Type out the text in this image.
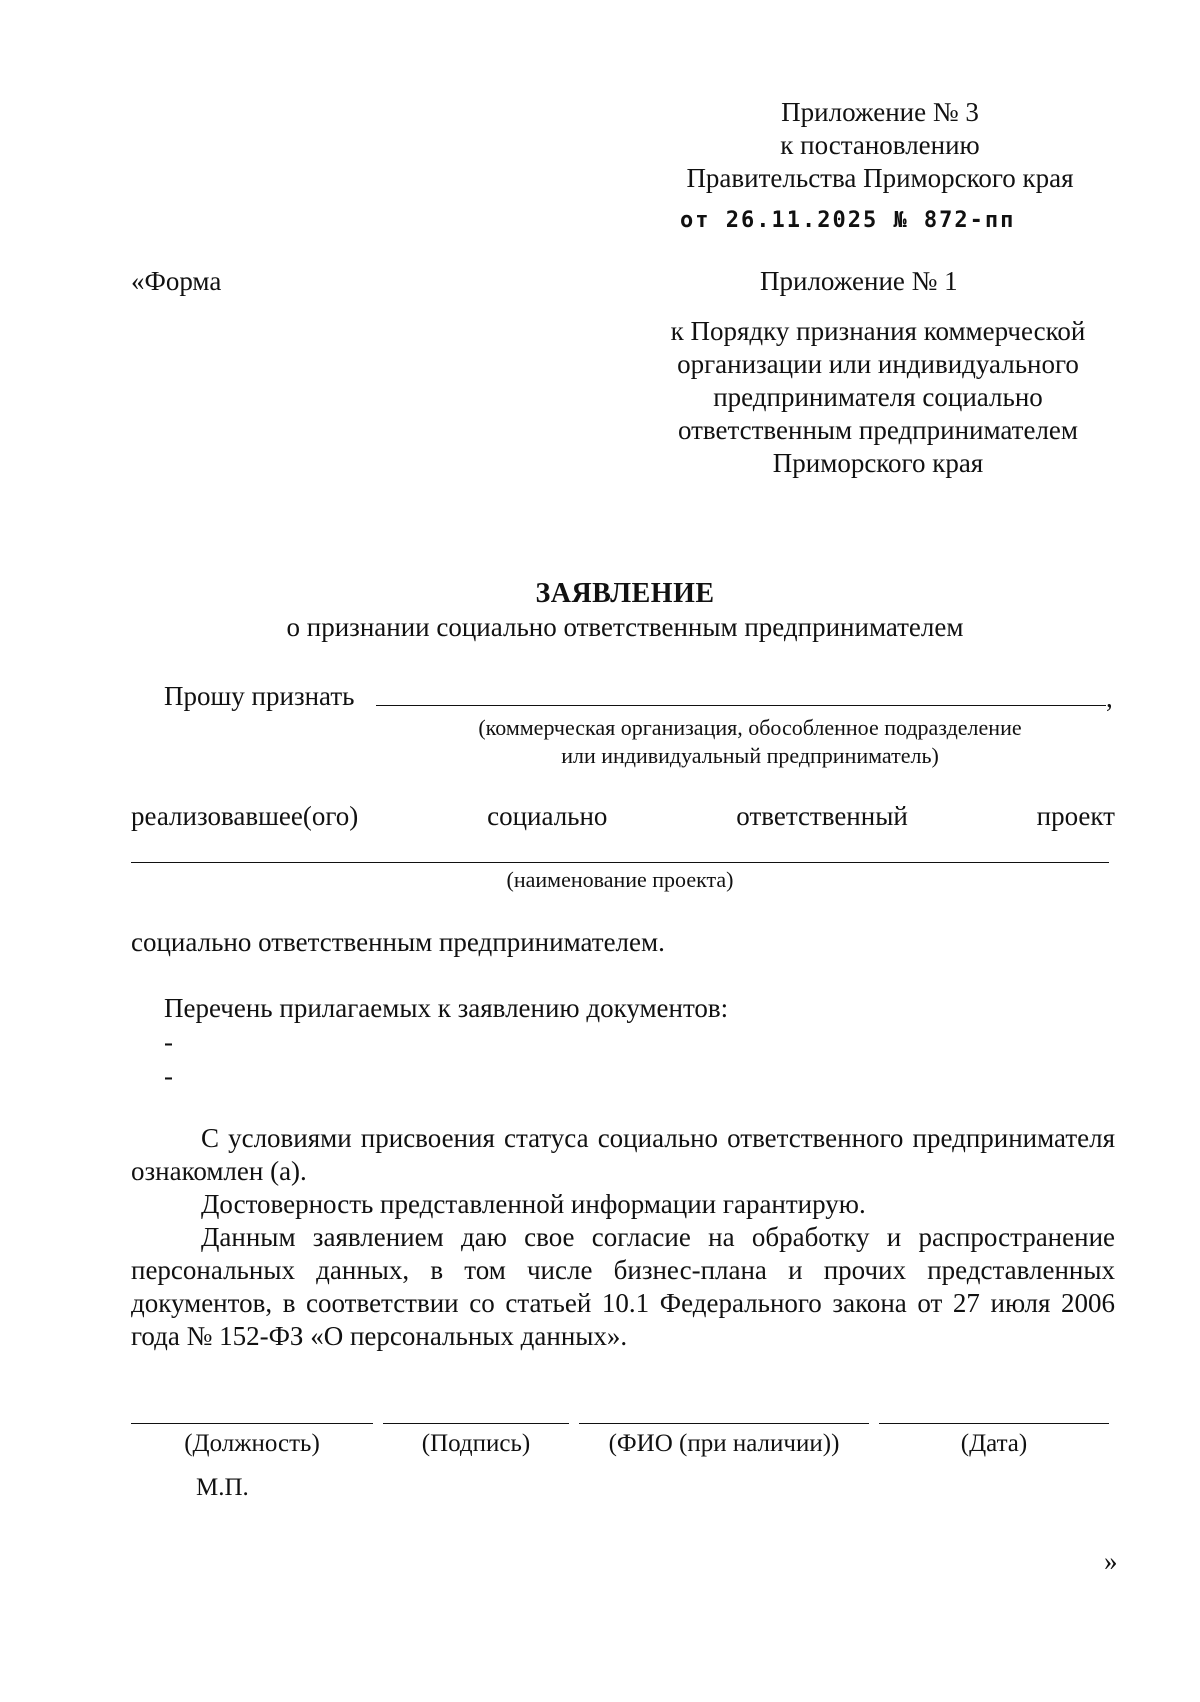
Приложение № 3
к постановлению
Правительства Приморского края
от 26.11.2025 № 872-пп
«Форма	Приложение № 1
к Порядку признания коммерческой
организации или индивидуального
предпринимателя социально
ответственным предпринимателем
Приморского края
ЗАЯВЛЕНИЕ
о признании социально ответственным предпринимателем
Прошу признать	,
(коммерческая организация, обособленное подразделение
или индивидуальный предприниматель)
реализовавшее(ого)	социально	ответственный	проект
(наименование проекта)
социально ответственным предпринимателем.
Перечень прилагаемых к заявлению документов:
-
-

С условиями присвоения статуса социально ответственного предпринимателя ознакомлен (а).

Достоверность представленной информации гарантирую.

Данным заявлением даю свое согласие на обработку и распространение персональных данных, в том числе бизнес-плана и прочих представленных документов, в соответствии со статьей 10.1 Федерального закона от 27 июля 2006 года № 152-ФЗ «О персональных данных».

(Должность)	(Подпись)	(ФИО (при наличии))	(Дата)
М.П.
»
